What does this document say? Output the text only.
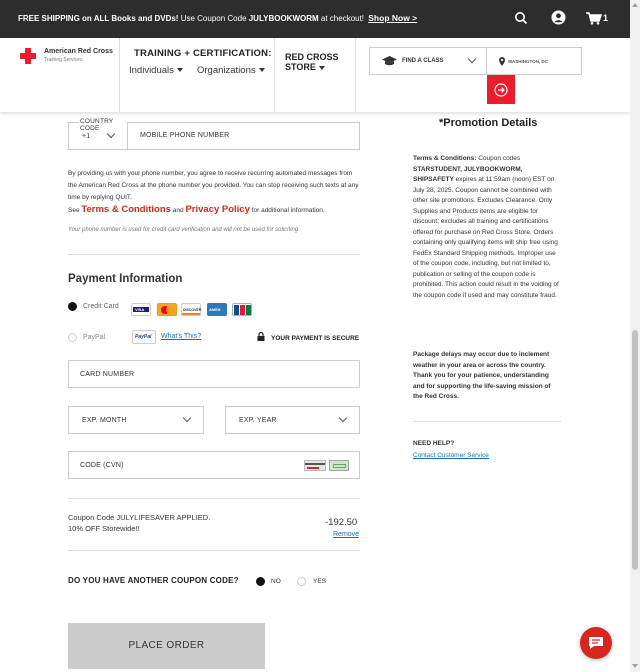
FREE SHIPPING on ALL Books and DVDs! Use Coupon Code JULYBOOKWORM at checkout! Shop Now >	1
American Red Cross
Training Services
TRAINING + CERTIFICATION:
Individuals	Organizations
RED CROSS
STORE
FIND A CLASS	WASHINGTON, DC
COUNTRY CODE
+1	MOBILE PHONE NUMBER
By providing us with your phone number, you agree to receive recurring automated messages from the American Red Cross at the phone number you provided. You can stop receiving such texts at any time by replying QUIT.
See Terms & Conditions and Privacy Policy for additional information.
Your phone number is used for credit card verification and will not be used for soliciting
Payment Information
Credit Card	VISA	DISCOVER AMEX
PayPal	PayPal What's This?	YOUR PAYMENT IS SECURE
CARD NUMBER
EXP. MONTH	EXP. YEAR
CODE (CVN)
Coupon Code JULYLIFESAVER APPLIED.
10% OFF Storewide!!
-192.50
Remove
DO YOU HAVE ANOTHER COUPON CODE?	NO	YES
PLACE ORDER
*Promotion Details
Terms & Conditions: Coupon codes STARSTUDENT, JULYBOOKWORM, SHIPSAFETY expires at 11:59am (noon) EST on July 28, 2025. Coupon cannot be combined with other site promotions. Excludes Clearance. Only Supplies and Products items are eligible for discount; excludes all training and certifications offered for purchase on Red Cross Store. Orders containing only qualifying items will ship free using FedEx Standard Shipping methods. Improper use of the coupon code, including, but not limited to, publication or selling of the coupon code is prohibited. This action could result in the voiding of the coupon code if used and may constitute fraud.
Package delays may occur due to inclement weather in your area or across the country. Thank you for your patience, understanding and for supporting the life-saving mission of the Red Cross.
NEED HELP?
Contact Customer Service
